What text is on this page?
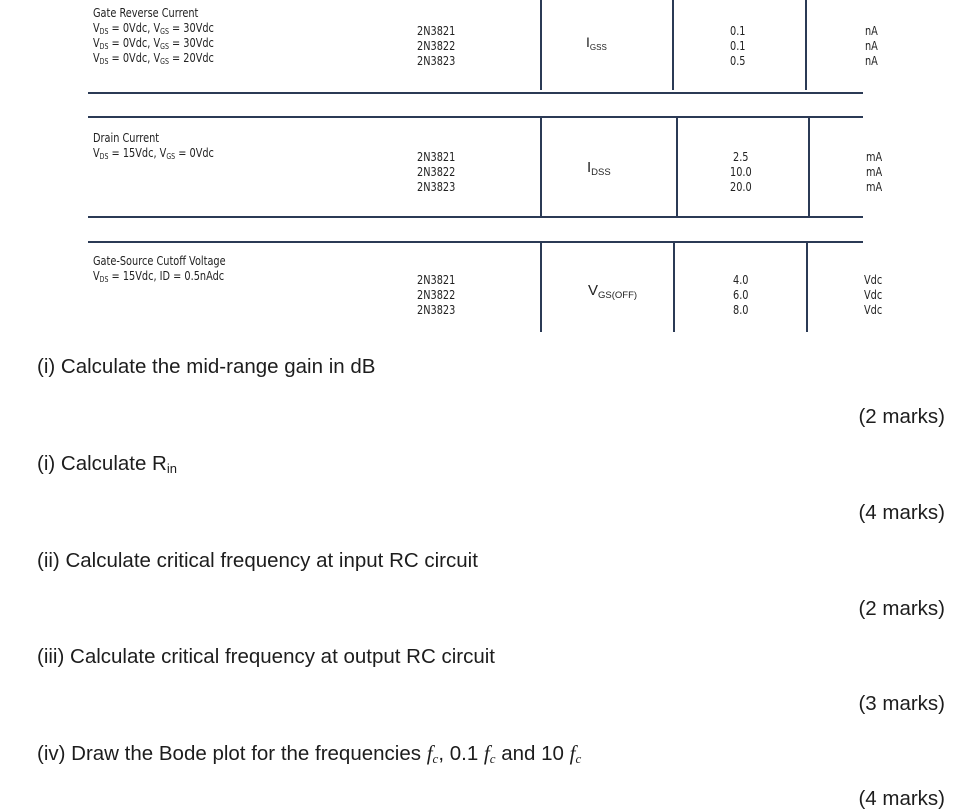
Gate Reverse Current
$V_{DS} = 0Vdc$, $V_{GS} = 30Vdc$
$V_{DS} = 0Vdc$, $V_{GS} = 30Vdc$
$V_{DS} = 0Vdc$, $V_{GS} = 20Vdc$
2N3821
2N3822
2N3823
$I_{GSS}$
0.1
0.1
0.5
nA
nA
nA
Drain Current
$V_{DS} = 15Vdc$, $V_{GS} = 0Vdc$	2N3821
2N3822
2N3823
$I_{DSS}$
2.5
10.0
20.0
mA
mA
mA
Gate-Source Cutoff Voltage
$V_{DS} = 15Vdc$, ID = 0.5nAdc	2N3821
2N3822
2N3823
$V_{GS(OFF)}$
4.0
6.0
8.0
Vdc
Vdc
Vdc
(i) Calculate the mid-range gain in dB
(2 marks)
(i) Calculate $R_{in}$
(4 marks)
(ii) Calculate critical frequency at input RC circuit
(2 marks)
(iii) Calculate critical frequency at output RC circuit
(3 marks)
(iv) Draw the Bode plot for the frequencies $f_c$, 0.1 $f_c$ and 10 $f_c$
(4 marks)
